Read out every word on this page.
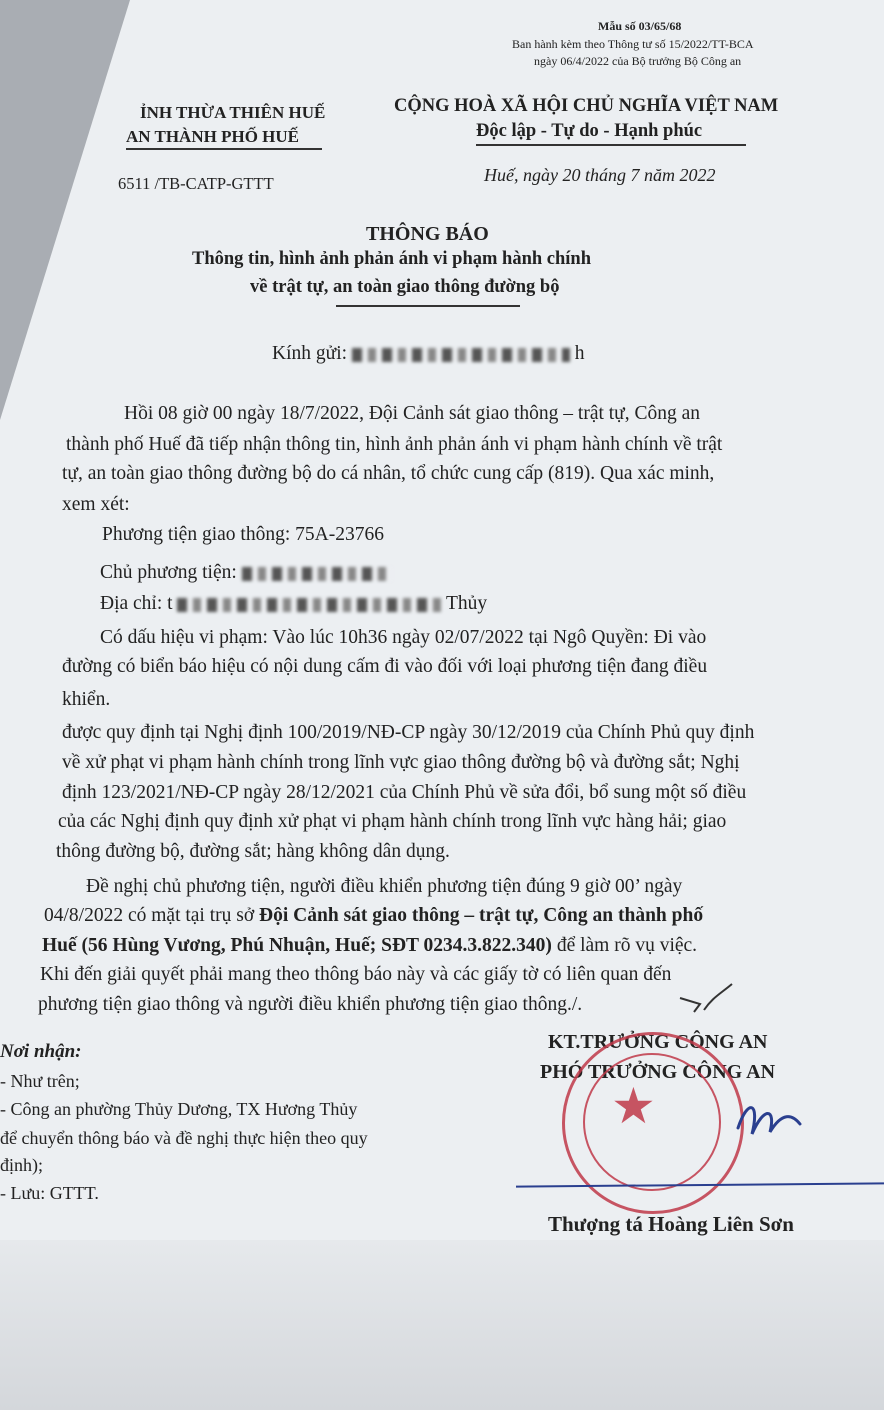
Mẫu số 03/65/68
Ban hành kèm theo Thông tư số 15/2022/TT-BCA
ngày 06/4/2022 của Bộ trưởng Bộ Công an
ỈNH THỪA THIÊN HUẾ
AN THÀNH PHỐ HUẾ
6511 /TB-CATP-GTTT
CỘNG HOÀ XÃ HỘI CHỦ NGHĨA VIỆT NAM
Độc lập - Tự do - Hạnh phúc
Huế, ngày 20 tháng 7 năm 2022
THÔNG BÁO
Thông tin, hình ảnh phản ánh vi phạm hành chính
về trật tự, an toàn giao thông đường bộ
Kính gửi:	h
Hồi 08 giờ 00 ngày 18/7/2022, Đội Cảnh sát giao thông – trật tự, Công an
thành phố Huế đã tiếp nhận thông tin, hình ảnh phản ánh vi phạm hành chính về trật
tự, an toàn giao thông đường bộ do cá nhân, tổ chức cung cấp (819). Qua xác minh,
xem xét:
Phương tiện giao thông: 75A-23766
Chủ phương tiện:
Địa chỉ: t	Thủy
Có dấu hiệu vi phạm: Vào lúc 10h36 ngày 02/07/2022 tại Ngô Quyền: Đi vào
đường có biển báo hiệu có nội dung cấm đi vào đối với loại phương tiện đang điều
khiển.
được quy định tại Nghị định 100/2019/NĐ-CP ngày 30/12/2019 của Chính Phủ quy định
về xử phạt vi phạm hành chính trong lĩnh vực giao thông đường bộ và đường sắt; Nghị
định 123/2021/NĐ-CP ngày 28/12/2021 của Chính Phủ về sửa đổi, bổ sung một số điều
của các Nghị định quy định xử phạt vi phạm hành chính trong lĩnh vực hàng hải; giao
thông đường bộ, đường sắt; hàng không dân dụng.
Đề nghị chủ phương tiện, người điều khiển phương tiện đúng 9 giờ 00’ ngày
04/8/2022 có mặt tại trụ sở Đội Cảnh sát giao thông – trật tự, Công an thành phố
Huế (56 Hùng Vương, Phú Nhuận, Huế; SĐT 0234.3.822.340) để làm rõ vụ việc.
Khi đến giải quyết phải mang theo thông báo này và các giấy tờ có liên quan đến
phương tiện giao thông và người điều khiển phương tiện giao thông./.
Nơi nhận:
- Như trên;
- Công an phường Thủy Dương, TX Hương Thủy
để chuyển thông báo và đề nghị thực hiện theo quy
định);
- Lưu: GTTT.
KT.TRƯỞNG CÔNG AN
PHÓ TRƯỞNG CÔNG AN
★
Thượng tá Hoàng Liên Sơn
